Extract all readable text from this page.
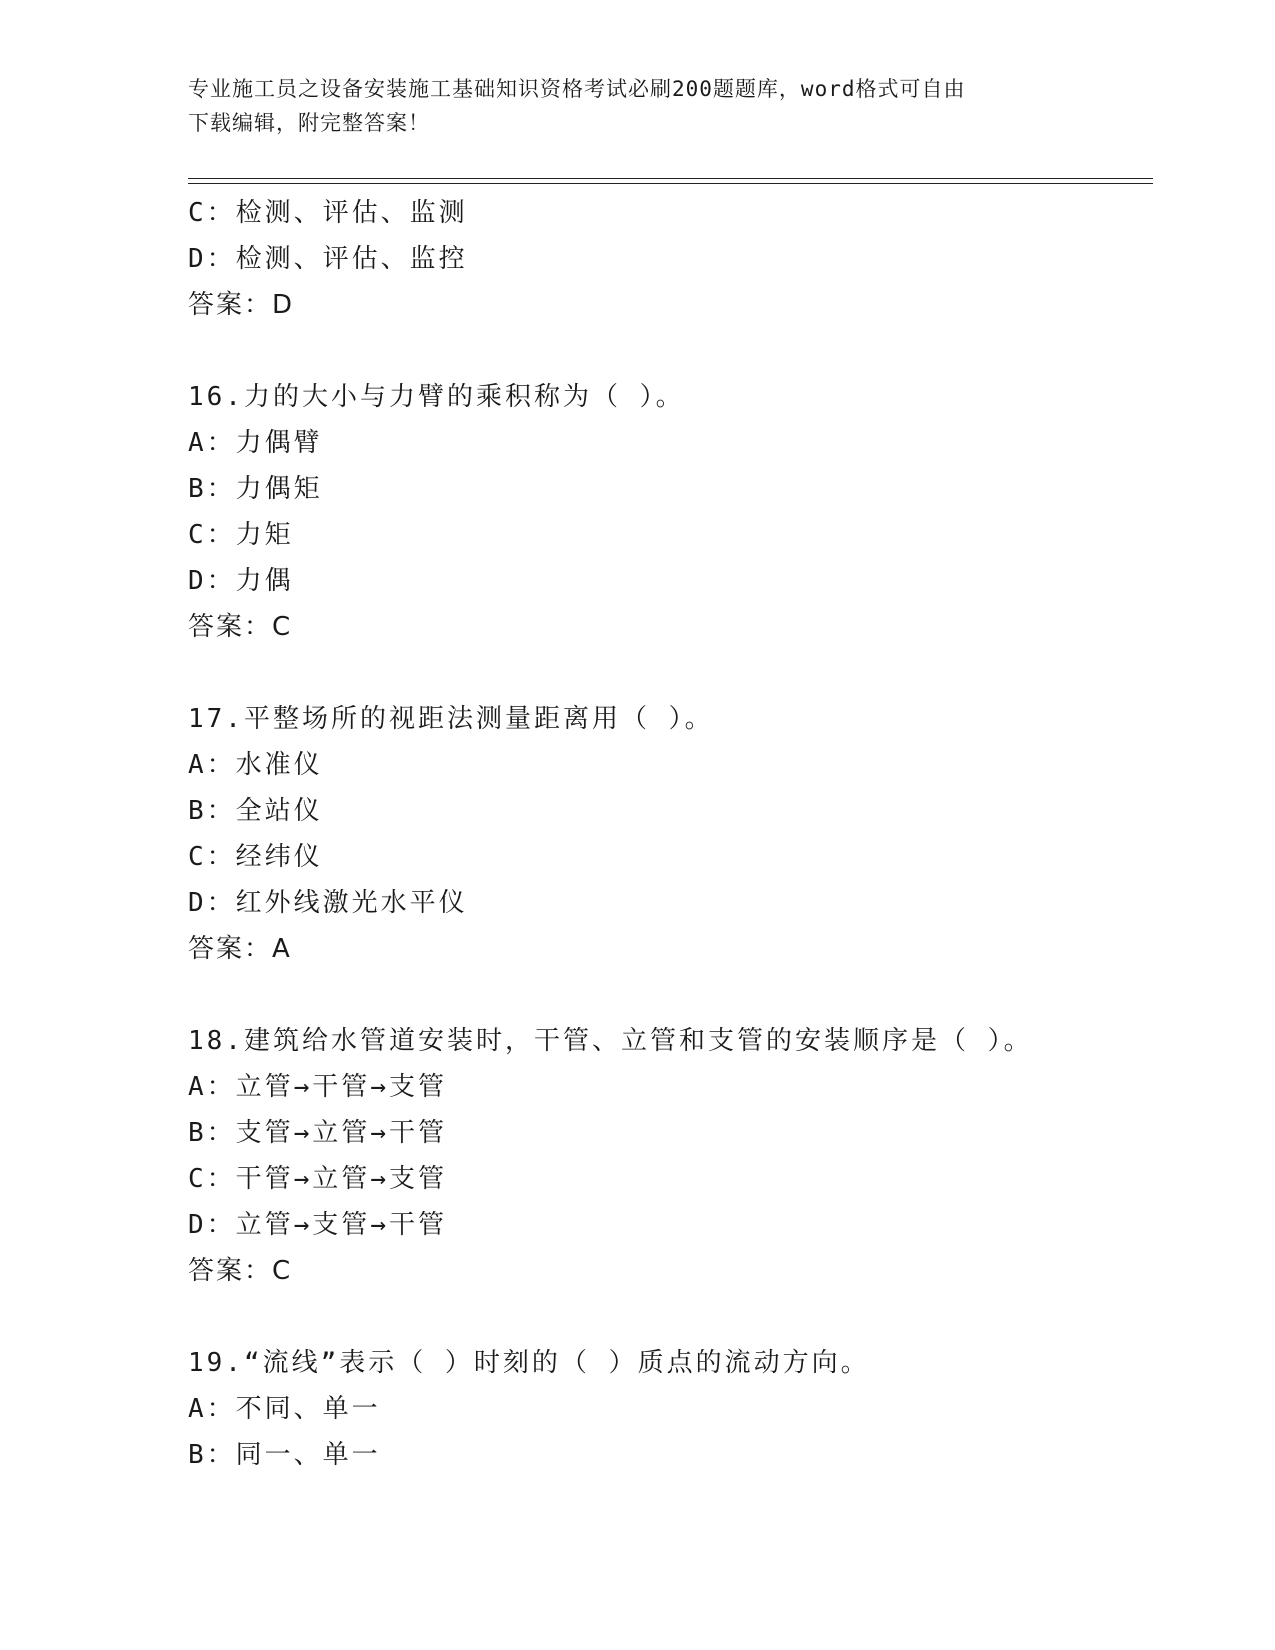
专业施工员之设备安装施工基础知识资格考试必刷200题题库，word格式可自由
下载编辑，附完整答案！
C：检测、评估、监测
D：检测、评估、监控
答案：D
16.力的大小与力臂的乘积称为（ ）。
A：力偶臂
B：力偶矩
C：力矩
D：力偶
答案：C
17.平整场所的视距法测量距离用（ ）。
A：水准仪
B：全站仪
C：经纬仪
D：红外线激光水平仪
答案：A
18.建筑给水管道安装时，干管、立管和支管的安装顺序是（ ）。
A：立管→干管→支管
B：支管→立管→干管
C：干管→立管→支管
D：立管→支管→干管
答案：C
19.“流线”表示（ ）时刻的（ ）质点的流动方向。
A：不同、单一
B：同一、单一
